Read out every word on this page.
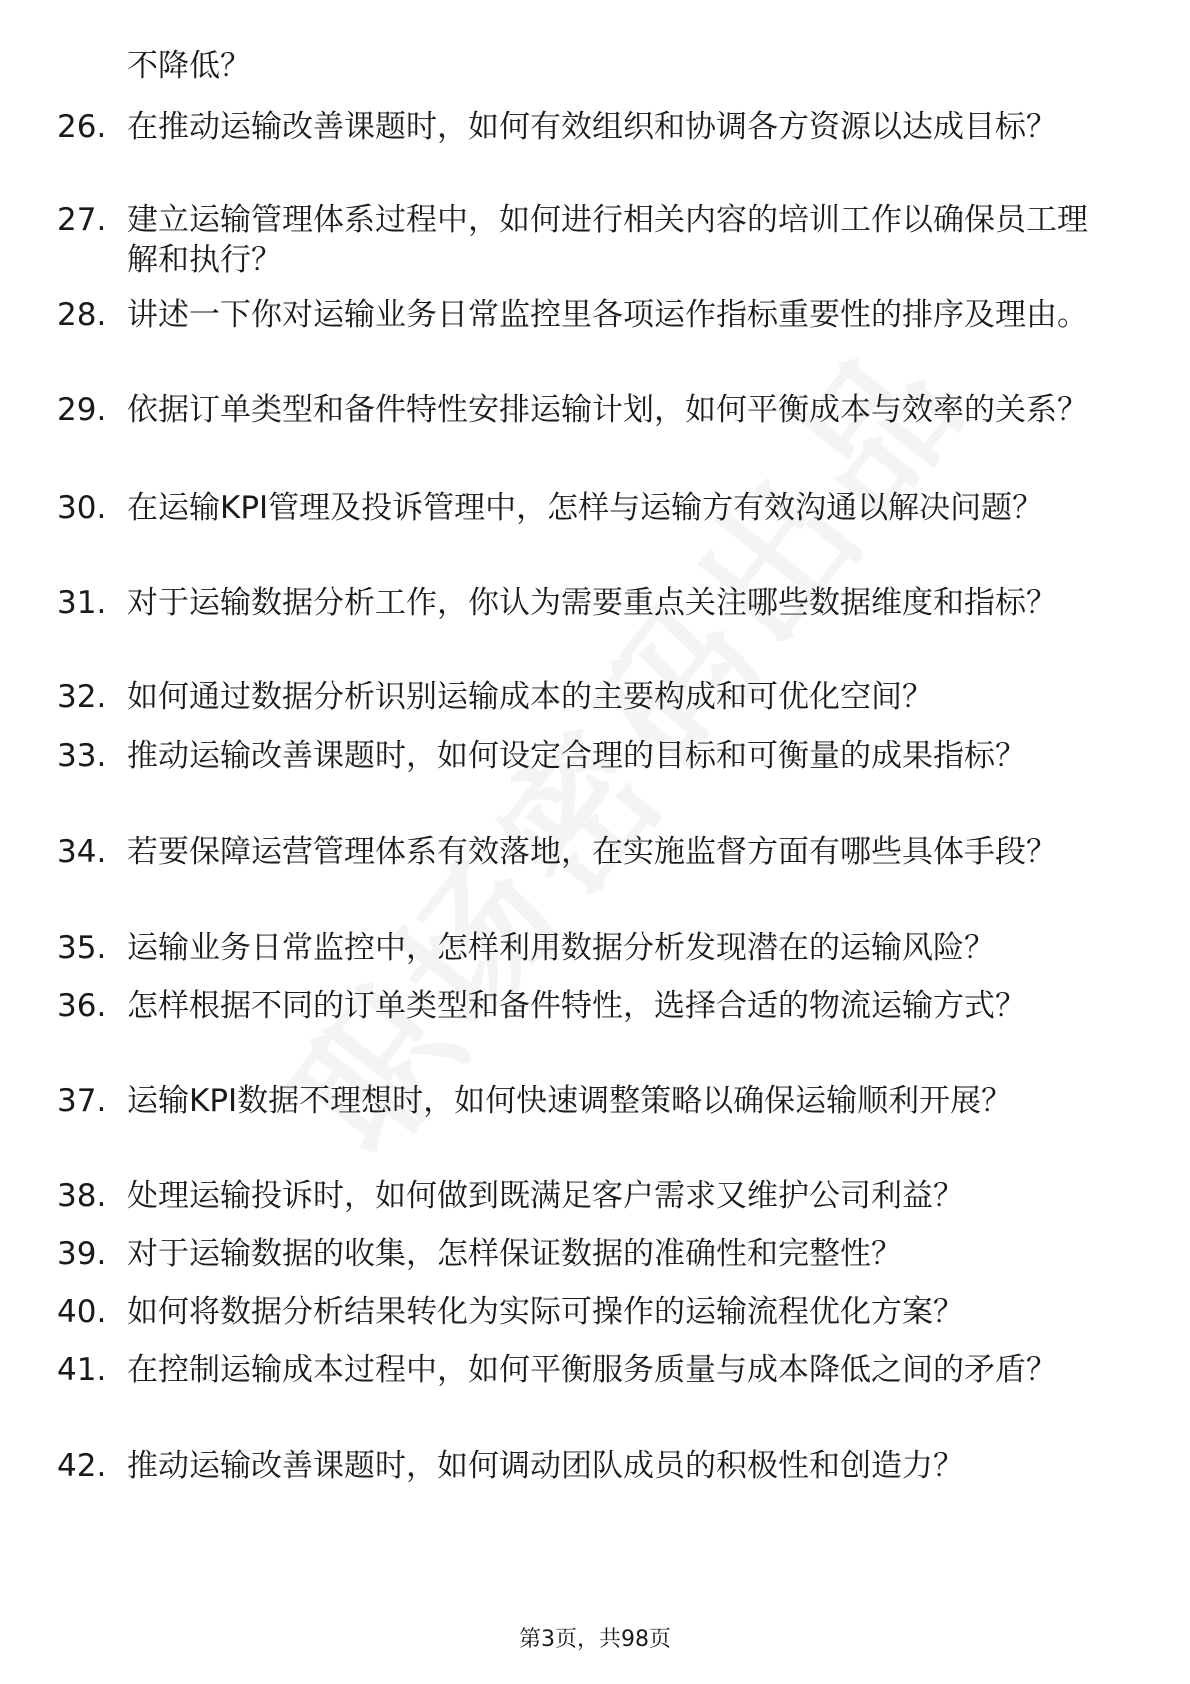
不降低？
26. 在推动运输改善课题时，如何有效组织和协调各方资源以达成目标？
27. 建立运输管理体系过程中，如何进行相关内容的培训工作以确保员工理解和执行？
28. 讲述一下你对运输业务日常监控里各项运作指标重要性的排序及理由。
29. 依据订单类型和备件特性安排运输计划，如何平衡成本与效率的关系？
30. 在运输KPI管理及投诉管理中，怎样与运输方有效沟通以解决问题？
31. 对于运输数据分析工作，你认为需要重点关注哪些数据维度和指标？
32. 如何通过数据分析识别运输成本的主要构成和可优化空间？
33. 推动运输改善课题时，如何设定合理的目标和可衡量的成果指标？
34. 若要保障运营管理体系有效落地，在实施监督方面有哪些具体手段？
35. 运输业务日常监控中，怎样利用数据分析发现潜在的运输风险？
36. 怎样根据不同的订单类型和备件特性，选择合适的物流运输方式？
37. 运输KPI数据不理想时，如何快速调整策略以确保运输顺利开展？
38. 处理运输投诉时，如何做到既满足客户需求又维护公司利益？
39. 对于运输数据的收集，怎样保证数据的准确性和完整性？
40. 如何将数据分析结果转化为实际可操作的运输流程优化方案？
41. 在控制运输成本过程中，如何平衡服务质量与成本降低之间的矛盾？
42. 推动运输改善课题时，如何调动团队成员的积极性和创造力？
第3页，共98页
